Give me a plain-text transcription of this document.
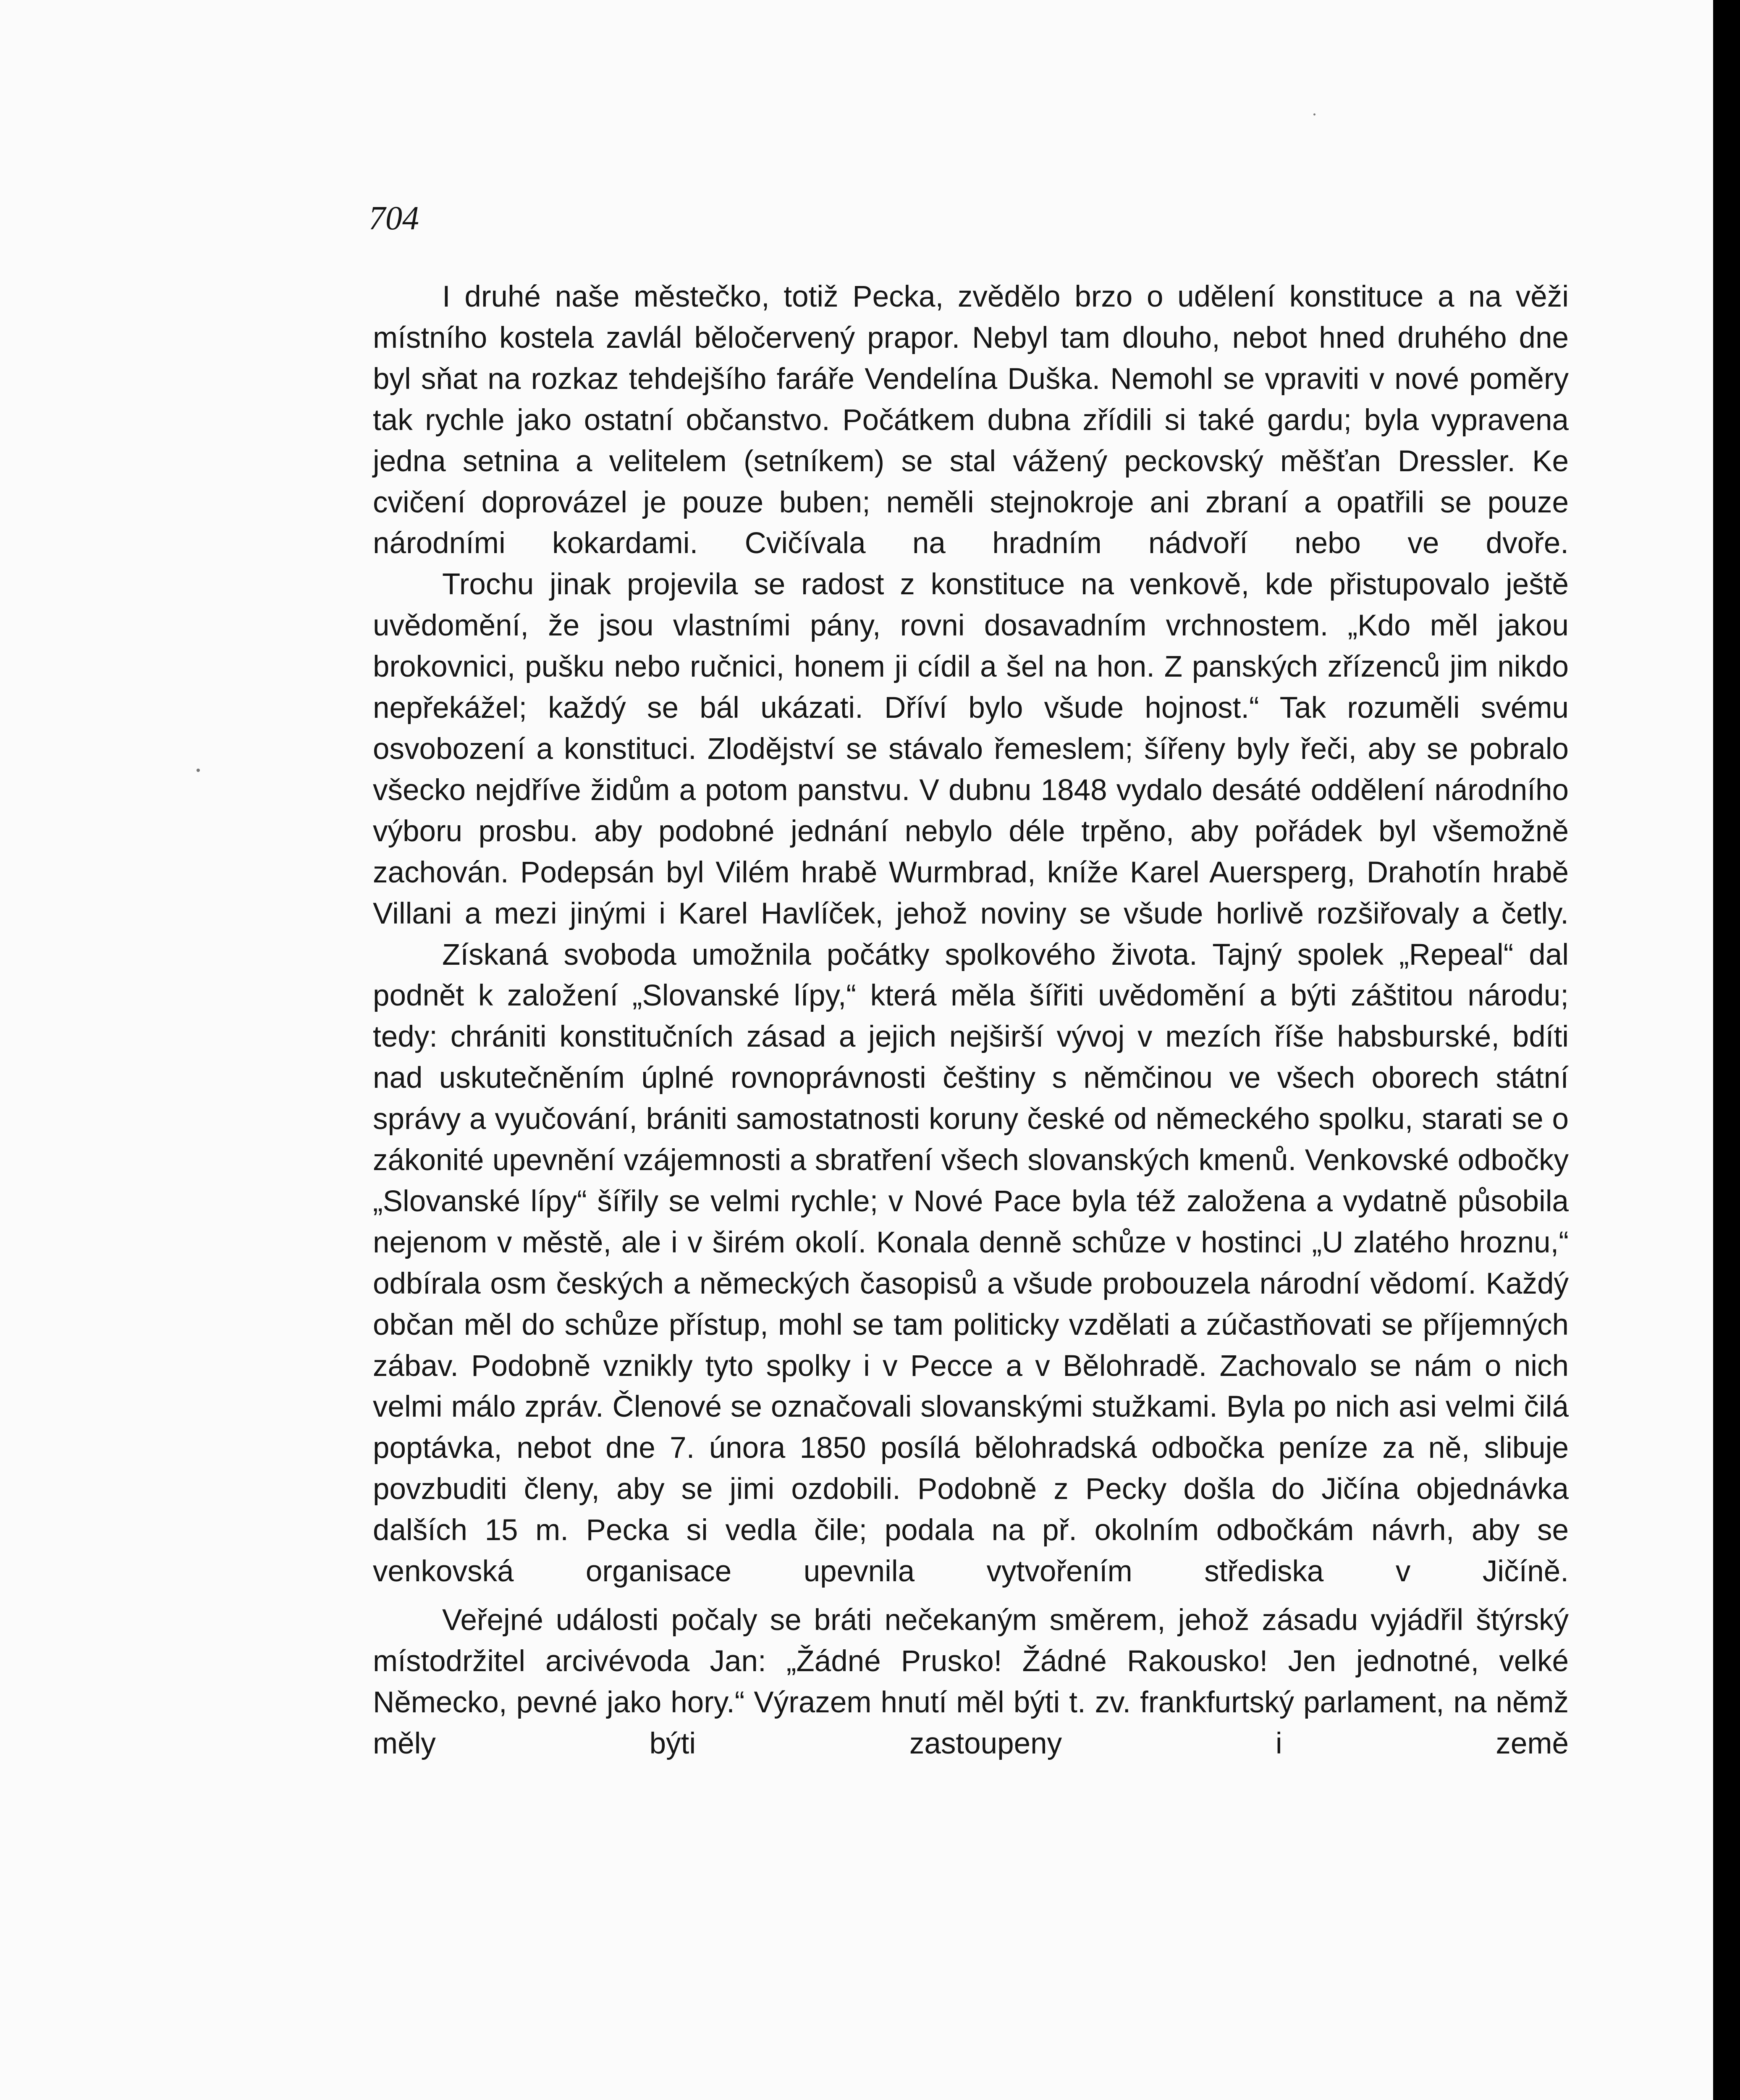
704

I druhé naše městečko, totiž Pecka, zvědělo brzo o udělení konstituce a na věži místního kostela zavlál běločervený prapor. Nebyl tam dlouho, nebot hned druhého dne byl sňat na rozkaz tehdejšího faráře Vendelína Duška. Nemohl se vpraviti v nové poměry tak rychle jako ostatní občanstvo. Počátkem dubna zřídili si také gardu; byla vypravena jedna setnina a velitelem (setníkem) se stal vážený peckovský měšťan Dressler. Ke cvičení doprovázel je pouze buben; neměli stejnokroje ani zbraní a opatřili se pouze národními kokardami. Cvičívala na hradním nádvoří nebo ve dvoře.

Trochu jinak projevila se radost z konstituce na venkově, kde přistupovalo ještě uvědomění, že jsou vlastními pány, rovni dosavadním vrchnostem. „Kdo měl jakou brokovnici, pušku nebo ručnici, honem ji cídil a šel na hon. Z panských zřízenců jim nikdo nepřekážel; každý se bál ukázati. Dříví bylo všude hojnost.“ Tak rozuměli svému osvobození a konstituci. Zlodějství se stávalo řemeslem; šířeny byly řeči, aby se pobralo všecko nejdříve židům a potom panstvu. V dubnu 1848 vydalo desáté oddělení národního výboru prosbu. aby podobné jednání nebylo déle trpěno, aby pořádek byl všemožně zachován. Podepsán byl Vilém hrabě Wurmbrad, kníže Karel Auersperg, Drahotín hrabě Villani a mezi jinými i Karel Havlíček, jehož noviny se všude horlivě rozšiřovaly a četly.

Získaná svoboda umožnila počátky spolkového života. Tajný spolek „Repeal“ dal podnět k založení „Slovanské lípy,“ která měla šířiti uvědomění a býti záštitou národu; tedy: chrániti konstitučních zásad a jejich nejširší vývoj v mezích říše habsburské, bdíti nad uskutečněním úplné rovnoprávnosti češtiny s němčinou ve všech oborech státní správy a vyučování, brániti samostatnosti koruny české od německého spolku, starati se o zákonité upevnění vzájemnosti a sbratření všech slovanských kmenů. Venkovské odbočky „Slovanské lípy“ šířily se velmi rychle; v Nové Pace byla též založena a vydatně působila nejenom v městě, ale i v širém okolí. Konala denně schůze v hostinci „U zlatého hroznu,“ odbírala osm českých a německých časopisů a všude probouzela národní vědomí. Každý občan měl do schůze přístup, mohl se tam politicky vzdělati a zúčastňovati se příjemných zábav. Podobně vznikly tyto spolky i v Pecce a v Bělohradě. Zachovalo se nám o nich velmi málo zpráv. Členové se označovali slovanskými stužkami. Byla po nich asi velmi čilá poptávka, nebot dne 7. února 1850 posílá bělohradská odbočka peníze za ně, slibuje povzbuditi členy, aby se jimi ozdobili. Podobně z Pecky došla do Jičína objednávka dalších 15 m. Pecka si vedla čile; podala na př. okolním odbočkám návrh, aby se venkovská organisace upevnila vytvořením střediska v Jičíně.

Veřejné události počaly se bráti nečekaným směrem, jehož zásadu vyjádřil štýrský místodržitel arcivévoda Jan: „Žádné Prusko! Žádné Rakousko! Jen jednotné, velké Německo, pevné jako hory.“ Výrazem hnutí měl býti t. zv. frankfurtský parlament, na němž měly býti zastoupeny i země
